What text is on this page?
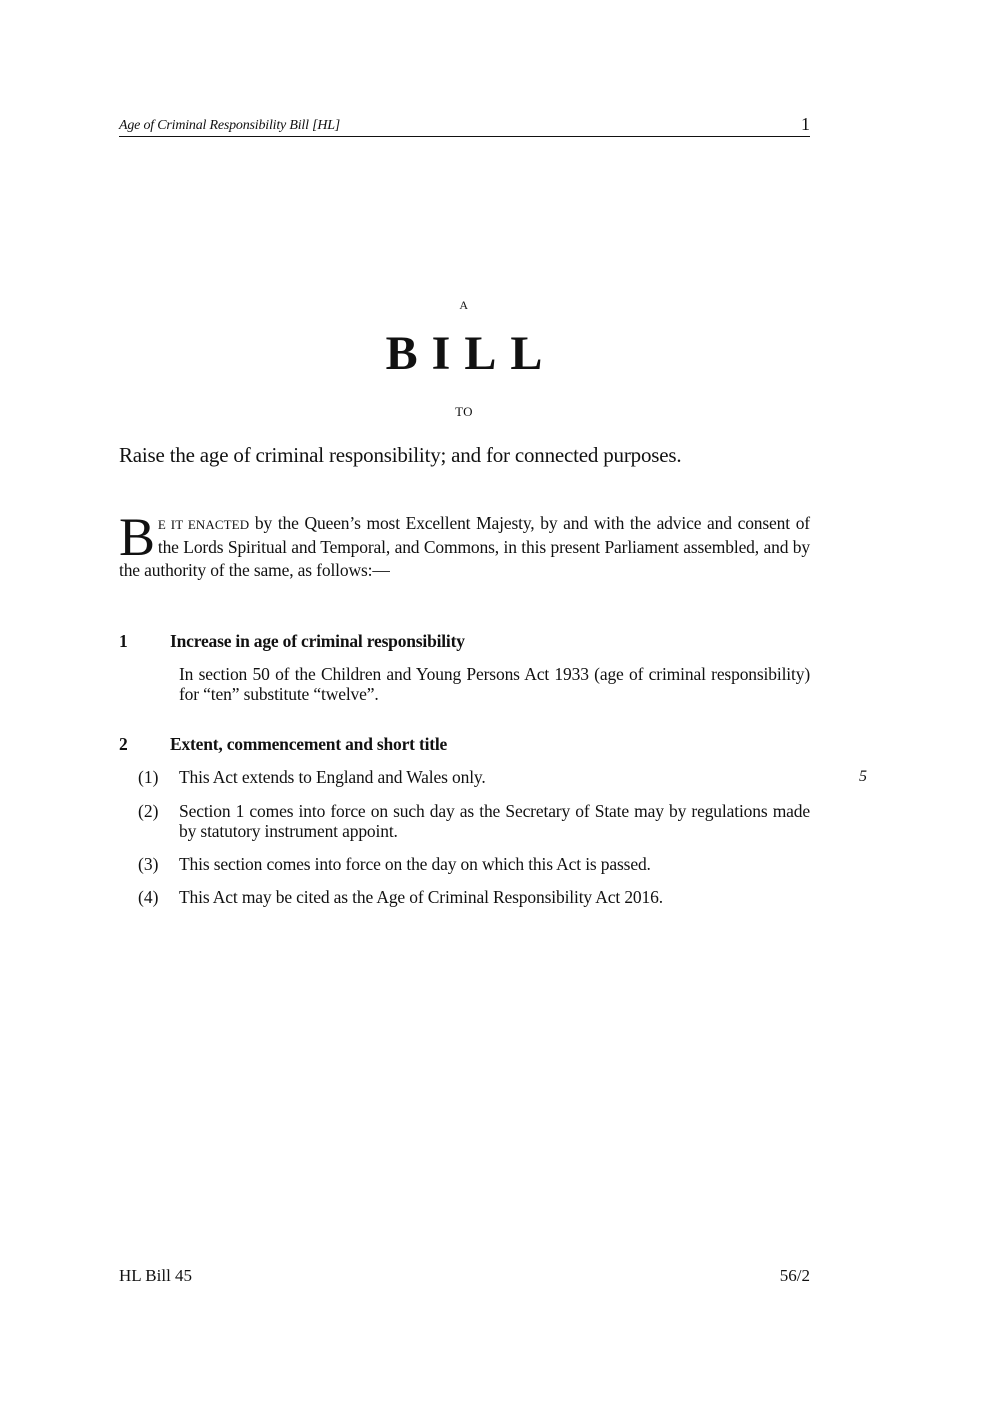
Age of Criminal Responsibility Bill [HL]	1
A
BILL
TO
Raise the age of criminal responsibility; and for connected purposes.
B E IT ENACTED by the Queen’s most Excellent Majesty, by and with the advice and consent of the Lords Spiritual and Temporal, and Commons, in this present Parliament assembled, and by the authority of the same, as follows:—
1 Increase in age of criminal responsibility
In section 50 of the Children and Young Persons Act 1933 (age of criminal responsibility) for “ten” substitute “twelve”.
2 Extent, commencement and short title
(1) This Act extends to England and Wales only.	5
(2) Section 1 comes into force on such day as the Secretary of State may by regulations made by statutory instrument appoint.
(3) This section comes into force on the day on which this Act is passed.
(4) This Act may be cited as the Age of Criminal Responsibility Act 2016.
HL Bill 45	56/2
